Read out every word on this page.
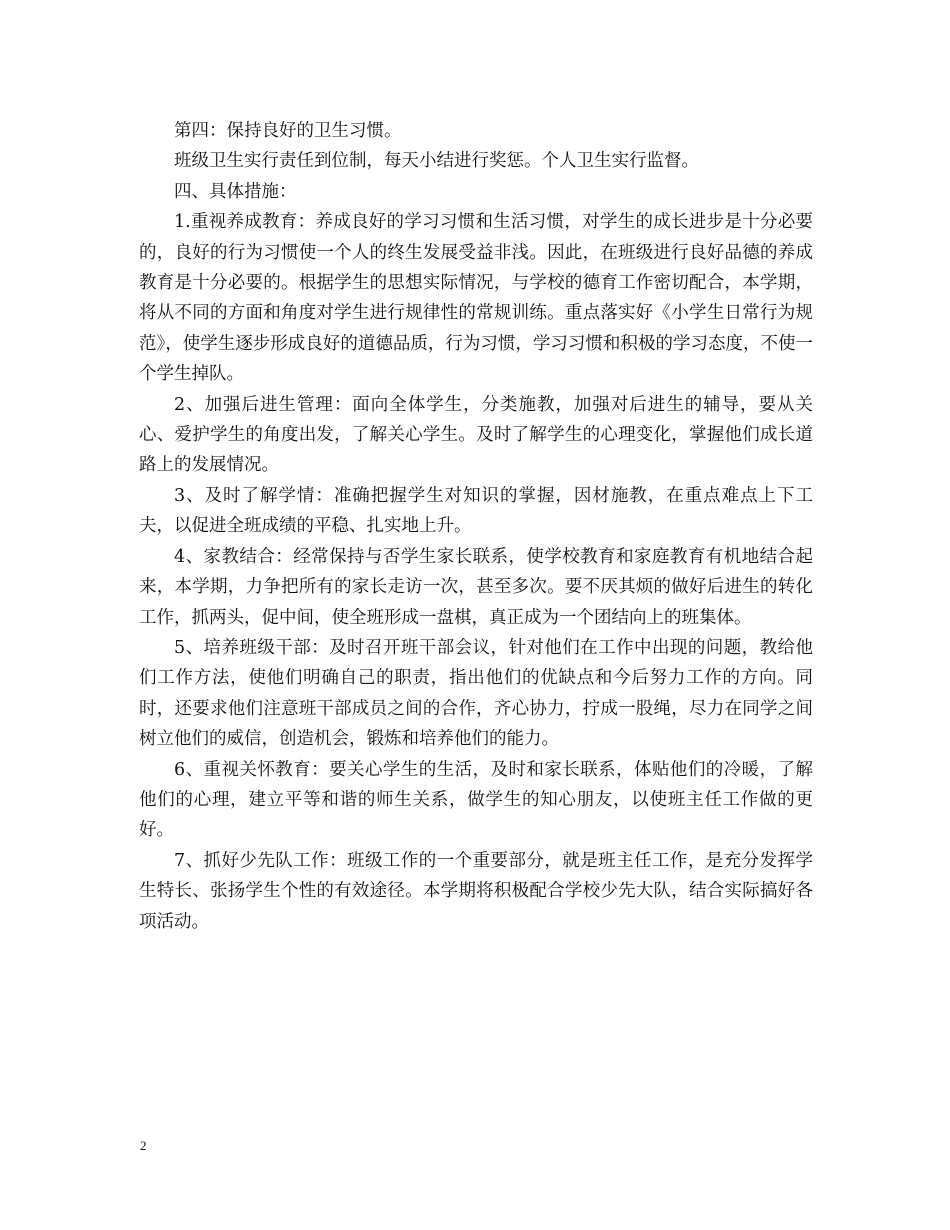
第四：保持良好的卫生习惯。

班级卫生实行责任到位制，每天小结进行奖惩。个人卫生实行监督。

四、具体措施：

1.重视养成教育：养成良好的学习习惯和生活习惯，对学生的成长进步是十分必要的，良好的行为习惯使一个人的终生发展受益非浅。因此，在班级进行良好品德的养成教育是十分必要的。根据学生的思想实际情况，与学校的德育工作密切配合，本学期，将从不同的方面和角度对学生进行规律性的常规训练。重点落实好《小学生日常行为规范》，使学生逐步形成良好的道德品质，行为习惯，学习习惯和积极的学习态度，不使一个学生掉队。

2、加强后进生管理：面向全体学生，分类施教，加强对后进生的辅导，要从关心、爱护学生的角度出发，了解关心学生。及时了解学生的心理变化，掌握他们成长道路上的发展情况。

3、及时了解学情：准确把握学生对知识的掌握，因材施教，在重点难点上下工夫，以促进全班成绩的平稳、扎实地上升。

4、家教结合：经常保持与否学生家长联系，使学校教育和家庭教育有机地结合起来，本学期，力争把所有的家长走访一次，甚至多次。要不厌其烦的做好后进生的转化工作，抓两头，促中间，使全班形成一盘棋，真正成为一个团结向上的班集体。

5、培养班级干部：及时召开班干部会议，针对他们在工作中出现的问题，教给他们工作方法，使他们明确自己的职责，指出他们的优缺点和今后努力工作的方向。同时，还要求他们注意班干部成员之间的合作，齐心协力，拧成一股绳，尽力在同学之间树立他们的威信，创造机会，锻炼和培养他们的能力。

6、重视关怀教育：要关心学生的生活，及时和家长联系，体贴他们的冷暖，了解他们的心理，建立平等和谐的师生关系，做学生的知心朋友，以使班主任工作做的更好。

7、抓好少先队工作：班级工作的一个重要部分，就是班主任工作，是充分发挥学生特长、张扬学生个性的有效途径。本学期将积极配合学校少先大队，结合实际搞好各项活动。

2
